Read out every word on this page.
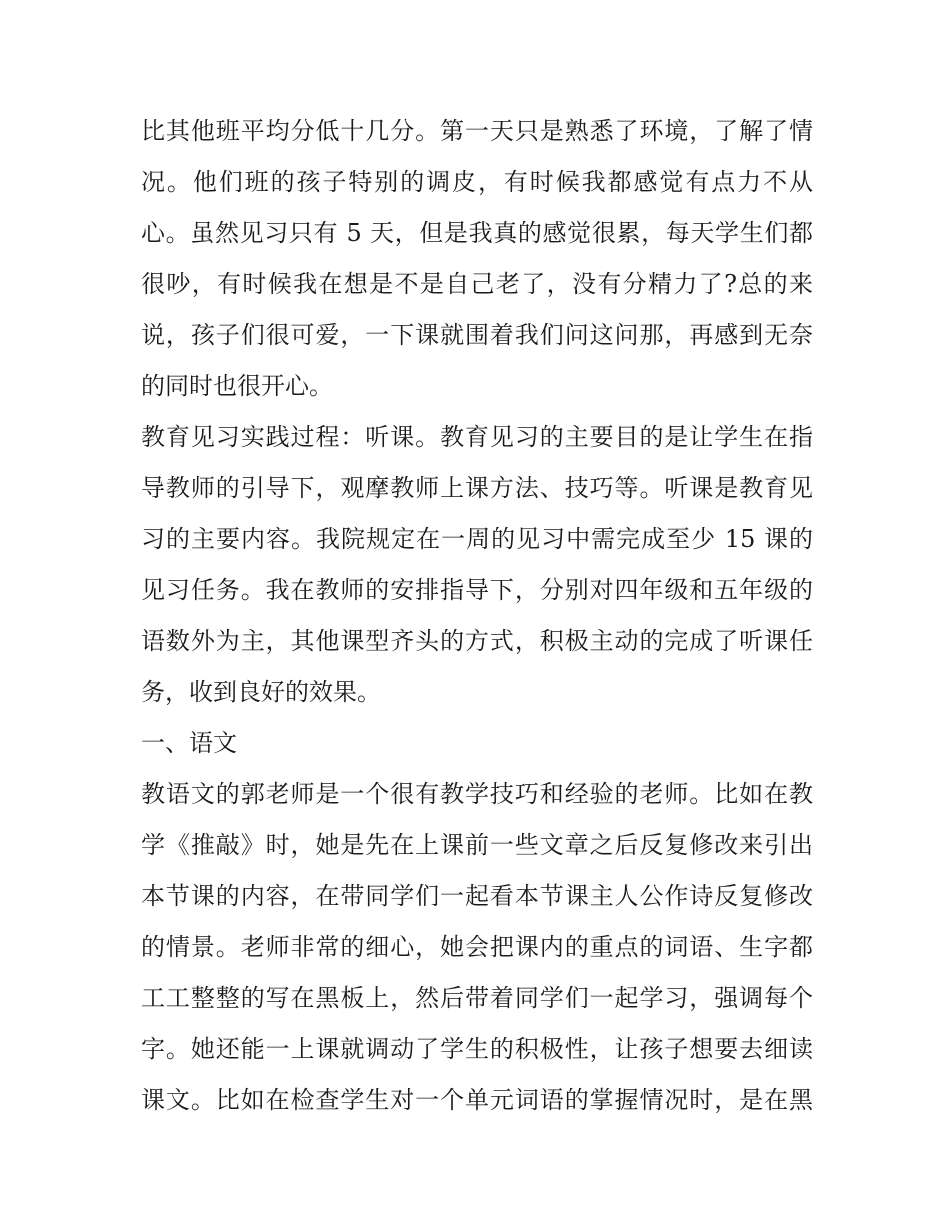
比其他班平均分低十几分。第一天只是熟悉了环境，了解了情
况。他们班的孩子特别的调皮，有时候我都感觉有点力不从
心。虽然见习只有 5 天，但是我真的感觉很累，每天学生们都
很吵，有时候我在想是不是自己老了，没有分精力了?总的来
说，孩子们很可爱，一下课就围着我们问这问那，再感到无奈
的同时也很开心。
教育见习实践过程：听课。教育见习的主要目的是让学生在指
导教师的引导下，观摩教师上课方法、技巧等。听课是教育见
习的主要内容。我院规定在一周的见习中需完成至少 15 课的
见习任务。我在教师的安排指导下，分别对四年级和五年级的
语数外为主，其他课型齐头的方式，积极主动的完成了听课任
务，收到良好的效果。
一、语文
教语文的郭老师是一个很有教学技巧和经验的老师。比如在教
学《推敲》时，她是先在上课前一些文章之后反复修改来引出
本节课的内容，在带同学们一起看本节课主人公作诗反复修改
的情景。老师非常的细心，她会把课内的重点的词语、生字都
工工整整的写在黑板上，然后带着同学们一起学习，强调每个
字。她还能一上课就调动了学生的积极性，让孩子想要去细读
课文。比如在检查学生对一个单元词语的掌握情况时，是在黑
